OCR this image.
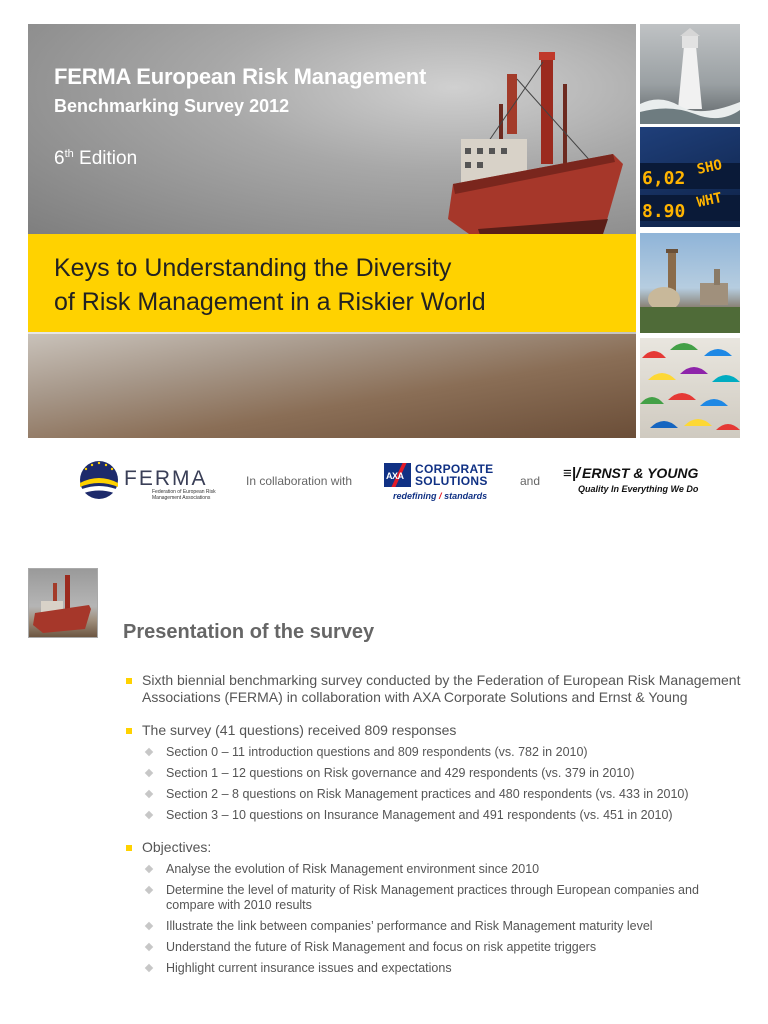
FERMA European Risk Management
Benchmarking Survey 2012
6th Edition
Keys to Understanding the Diversity
of Risk Management in a Riskier World
6,02
SHO
8.90
WHT
FERMA
Federation of European Risk Management Associations
In collaboration with	AXA CORPORATE
SOLUTIONS
redefining / standards
and ≡|/ ERNST & YOUNG
Quality In Everything We Do
Presentation of the survey
Sixth biennial benchmarking survey conducted by the Federation of European Risk Management Associations (FERMA) in collaboration with AXA Corporate Solutions and Ernst & Young
The survey (41 questions) received 809 responses
Section 0 – 11 introduction questions and 809 respondents (vs. 782 in 2010)
Section 1 – 12 questions on Risk governance and 429 respondents (vs. 379 in 2010)
Section 2 – 8 questions on Risk Management practices and 480 respondents (vs. 433 in 2010)
Section 3 – 10 questions on Insurance Management and 491 respondents (vs. 451 in 2010)
Objectives:
Analyse the evolution of Risk Management environment since 2010
Determine the level of maturity of Risk Management practices through European companies and compare with 2010 results
Illustrate the link between companies’ performance and Risk Management maturity level
Understand the future of Risk Management and focus on risk appetite triggers
Highlight current insurance issues and expectations
